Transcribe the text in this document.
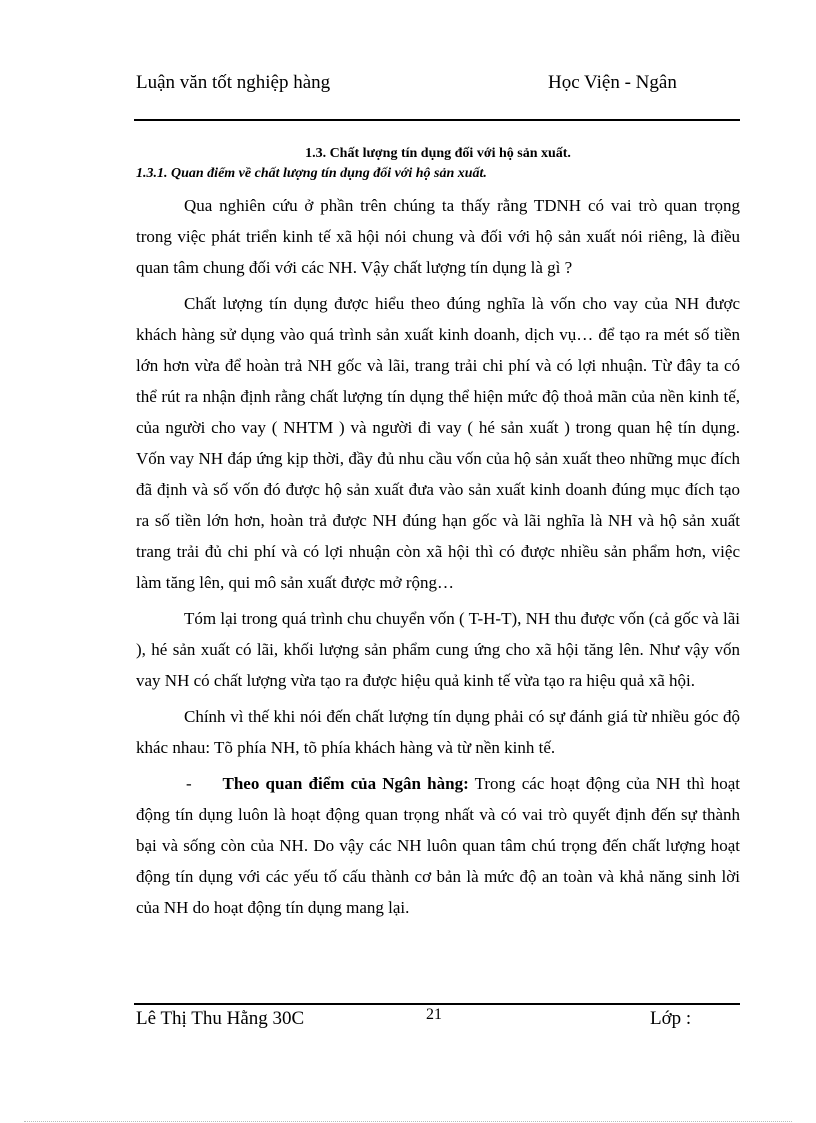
Luận văn tốt nghiệp hàng	Học Viện - Ngân
1.3. Chất lượng tín dụng đối với hộ sản xuất.
1.3.1. Quan điểm về chất lượng tín dụng đối với hộ sản xuất.

Qua nghiên cứu ở phần trên chúng ta thấy rằng TDNH có vai trò quan trọng trong việc phát triển kinh tế xã hội nói chung và đối với hộ sản xuất nói riêng, là điều quan tâm chung đối với các NH. Vậy chất lượng tín dụng là gì ?

Chất lượng tín dụng được hiểu theo đúng nghĩa là vốn cho vay của NH được khách hàng sử dụng vào quá trình sản xuất kinh doanh, dịch vụ… để tạo ra mét số tiền lớn hơn vừa để hoàn trả NH gốc và lãi, trang trải chi phí và có lợi nhuận. Từ đây ta có thể rút ra nhận định rằng chất lượng tín dụng thể hiện mức độ thoả mãn của nền kinh tế, của người cho vay ( NHTM ) và người đi vay ( hé sản xuất ) trong quan hệ tín dụng. Vốn vay NH đáp ứng kịp thời, đầy đủ nhu cầu vốn của hộ sản xuất theo những mục đích đã định và số vốn đó được hộ sản xuất đưa vào sản xuất kinh doanh đúng mục đích tạo ra số tiền lớn hơn, hoàn trả được NH đúng hạn gốc và lãi nghĩa là NH và hộ sản xuất trang trải đủ chi phí và có lợi nhuận còn xã hội thì có được nhiều sản phẩm hơn, việc làm tăng lên, qui mô sản xuất được mở rộng…

Tóm lại trong quá trình chu chuyển vốn ( T-H-T), NH thu được vốn (cả gốc và lãi ), hé sản xuất có lãi, khối lượng sản phẩm cung ứng cho xã hội tăng lên. Như vậy vốn vay NH có chất lượng vừa tạo ra được hiệu quả kinh tế vừa tạo ra hiệu quả xã hội.

Chính vì thế khi nói đến chất lượng tín dụng phải có sự đánh giá từ nhiều góc độ khác nhau: Tõ phía NH, tõ phía khách hàng và từ nền kinh tế.

- Theo quan điểm của Ngân hàng: Trong các hoạt động của NH thì hoạt động tín dụng luôn là hoạt động quan trọng nhất và có vai trò quyết định đến sự thành bại và sống còn của NH. Do vậy các NH luôn quan tâm chú trọng đến chất lượng hoạt động tín dụng với các yếu tố cấu thành cơ bản là mức độ an toàn và khả năng sinh lời của NH do hoạt động tín dụng mang lại.

Lê Thị Thu Hằng 30C	21	Lớp :
